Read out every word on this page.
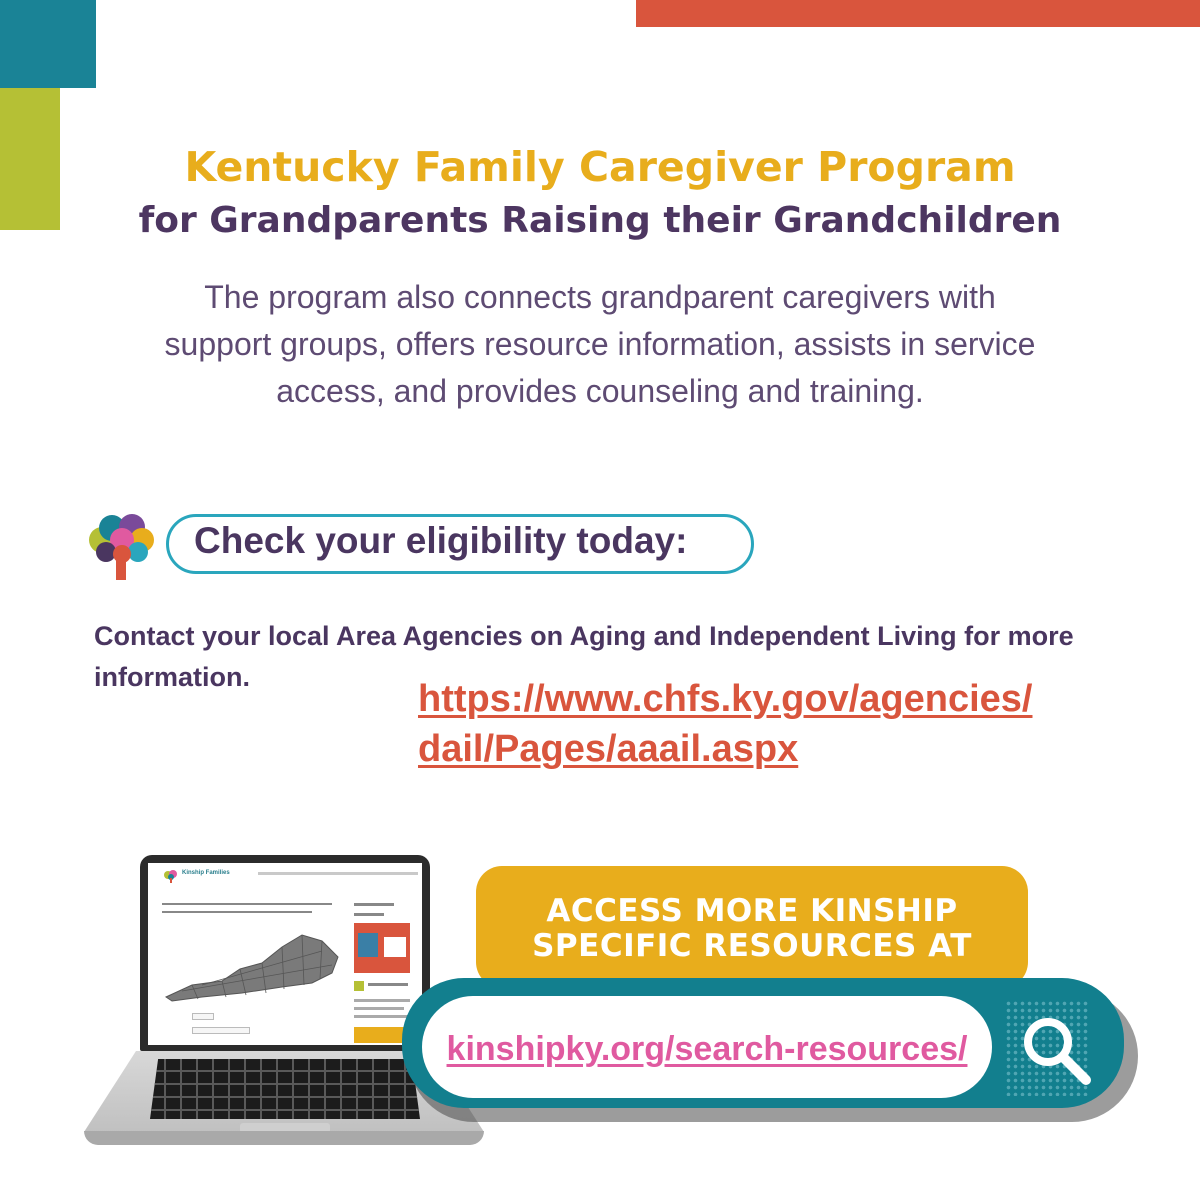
Kentucky Family Caregiver Program
for Grandparents Raising their Grandchildren

The program also connects grandparent caregivers with support groups, offers resource information, assists in service access, and provides counseling and training.

Check your eligibility today:
Contact your local Area Agencies on Aging and Independent Living for more information.
https://www.chfs.ky.gov/agencies/
dail/Pages/aaail.aspx
Kinship Families
ACCESS MORE KINSHIP
SPECIFIC RESOURCES AT
kinshipky.org/search-resources/
